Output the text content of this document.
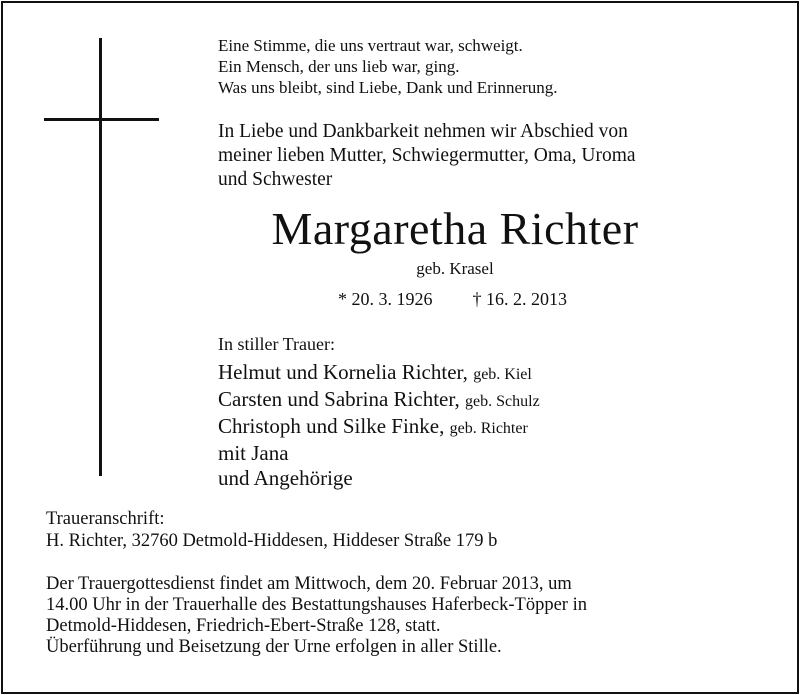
Eine Stimme, die uns vertraut war, schweigt.
Ein Mensch, der uns lieb war, ging.
Was uns bleibt, sind Liebe, Dank und Erinnerung.
In Liebe und Dankbarkeit nehmen wir Abschied von
meiner lieben Mutter, Schwiegermutter, Oma, Uroma
und Schwester
Margaretha Richter
geb. Krasel
* 20. 3. 1926 † 16. 2. 2013
In stiller Trauer:
Helmut und Kornelia Richter, geb. Kiel
Carsten und Sabrina Richter, geb. Schulz
Christoph und Silke Finke, geb. Richter
mit Jana
und Angehörige
Traueranschrift:
H. Richter, 32760 Detmold-Hiddesen, Hiddeser Straße 179 b
Der Trauergottesdienst findet am Mittwoch, dem 20. Februar 2013, um
14.00 Uhr in der Trauerhalle des Bestattungshauses Haferbeck-Töpper in
Detmold-Hiddesen, Friedrich-Ebert-Straße 128, statt.
Überführung und Beisetzung der Urne erfolgen in aller Stille.
